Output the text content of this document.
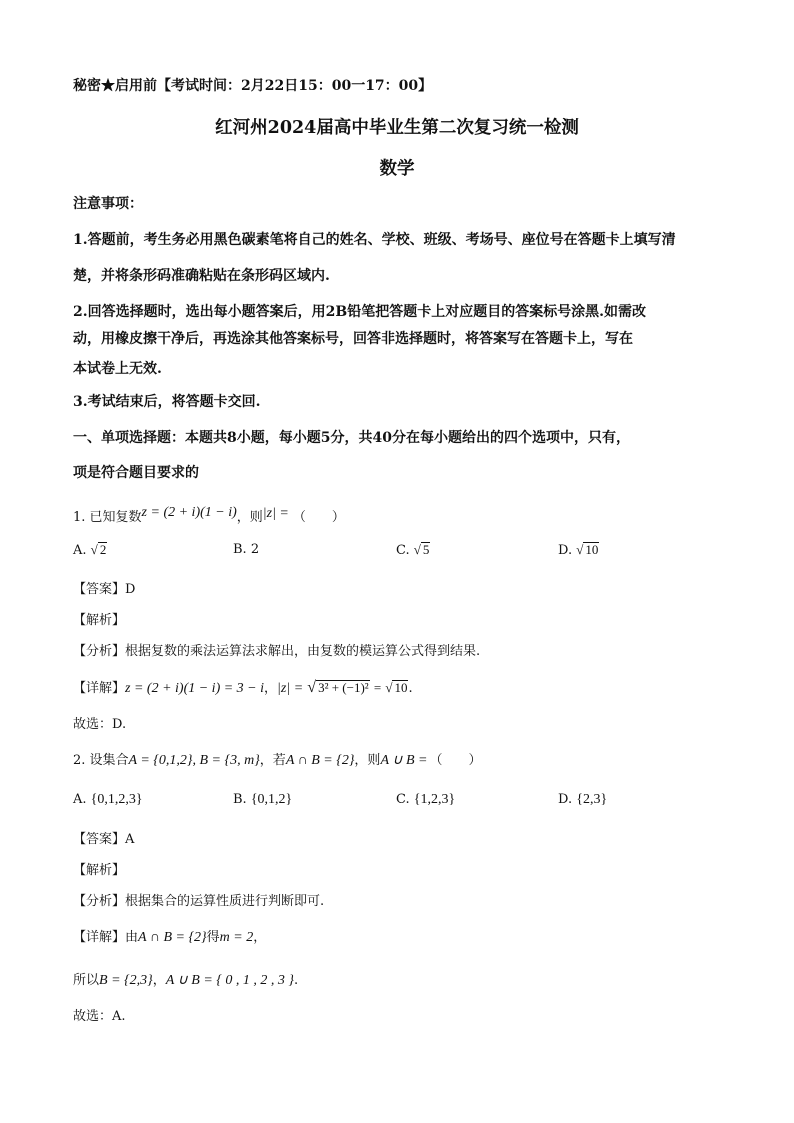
秘密★启用前【考试时间：2月22日15：00一17：00】
红河州2024届高中毕业生第二次复习统一检测
数学
注意事项：
1.答题前，考生务必用黑色碳素笔将自己的姓名、学校、班级、考场号、座位号在答题卡上填写清
楚，并将条形码准确粘贴在条形码区域内.
2.回答选择题时，选出每小题答案后，用2B铅笔把答题卡上对应题目的答案标号涂黑.如需改
动，用橡皮擦干净后，再选涂其他答案标号，回答非选择题时，将答案写在答题卡上，写在
本试卷上无效.
3.考试结束后，将答题卡交回.
一、单项选择题：本题共8小题，每小题5分，共40分在每小题给出的四个选项中，只有，
项是符合题目要求的
1. 已知复数z = (2 + i)(1 − i)，则|z| = （　　）
A. √ 2	B. 2	C. √ 5	D. √ 10
【答案】D
【解析】
【分析】根据复数的乘法运算法求解出，由复数的模运算公式得到结果.
【详解】z = (2 + i)(1 − i) = 3 − i，|z| = √ 3² + (−1)² = √ 10.
故选：D.
2. 设集合A = {0,1,2}, B = {3, m}，若A ∩ B = {2}，则A ∪ B = （　　）
A. {0,1,2,3}	B. {0,1,2}	C. {1,2,3}	D. {2,3}
【答案】A
【解析】
【分析】根据集合的运算性质进行判断即可.
【详解】由A ∩ B = {2}得m = 2，
所以B = {2,3}，A ∪ B = { 0 , 1 , 2 , 3 }.
故选：A.
